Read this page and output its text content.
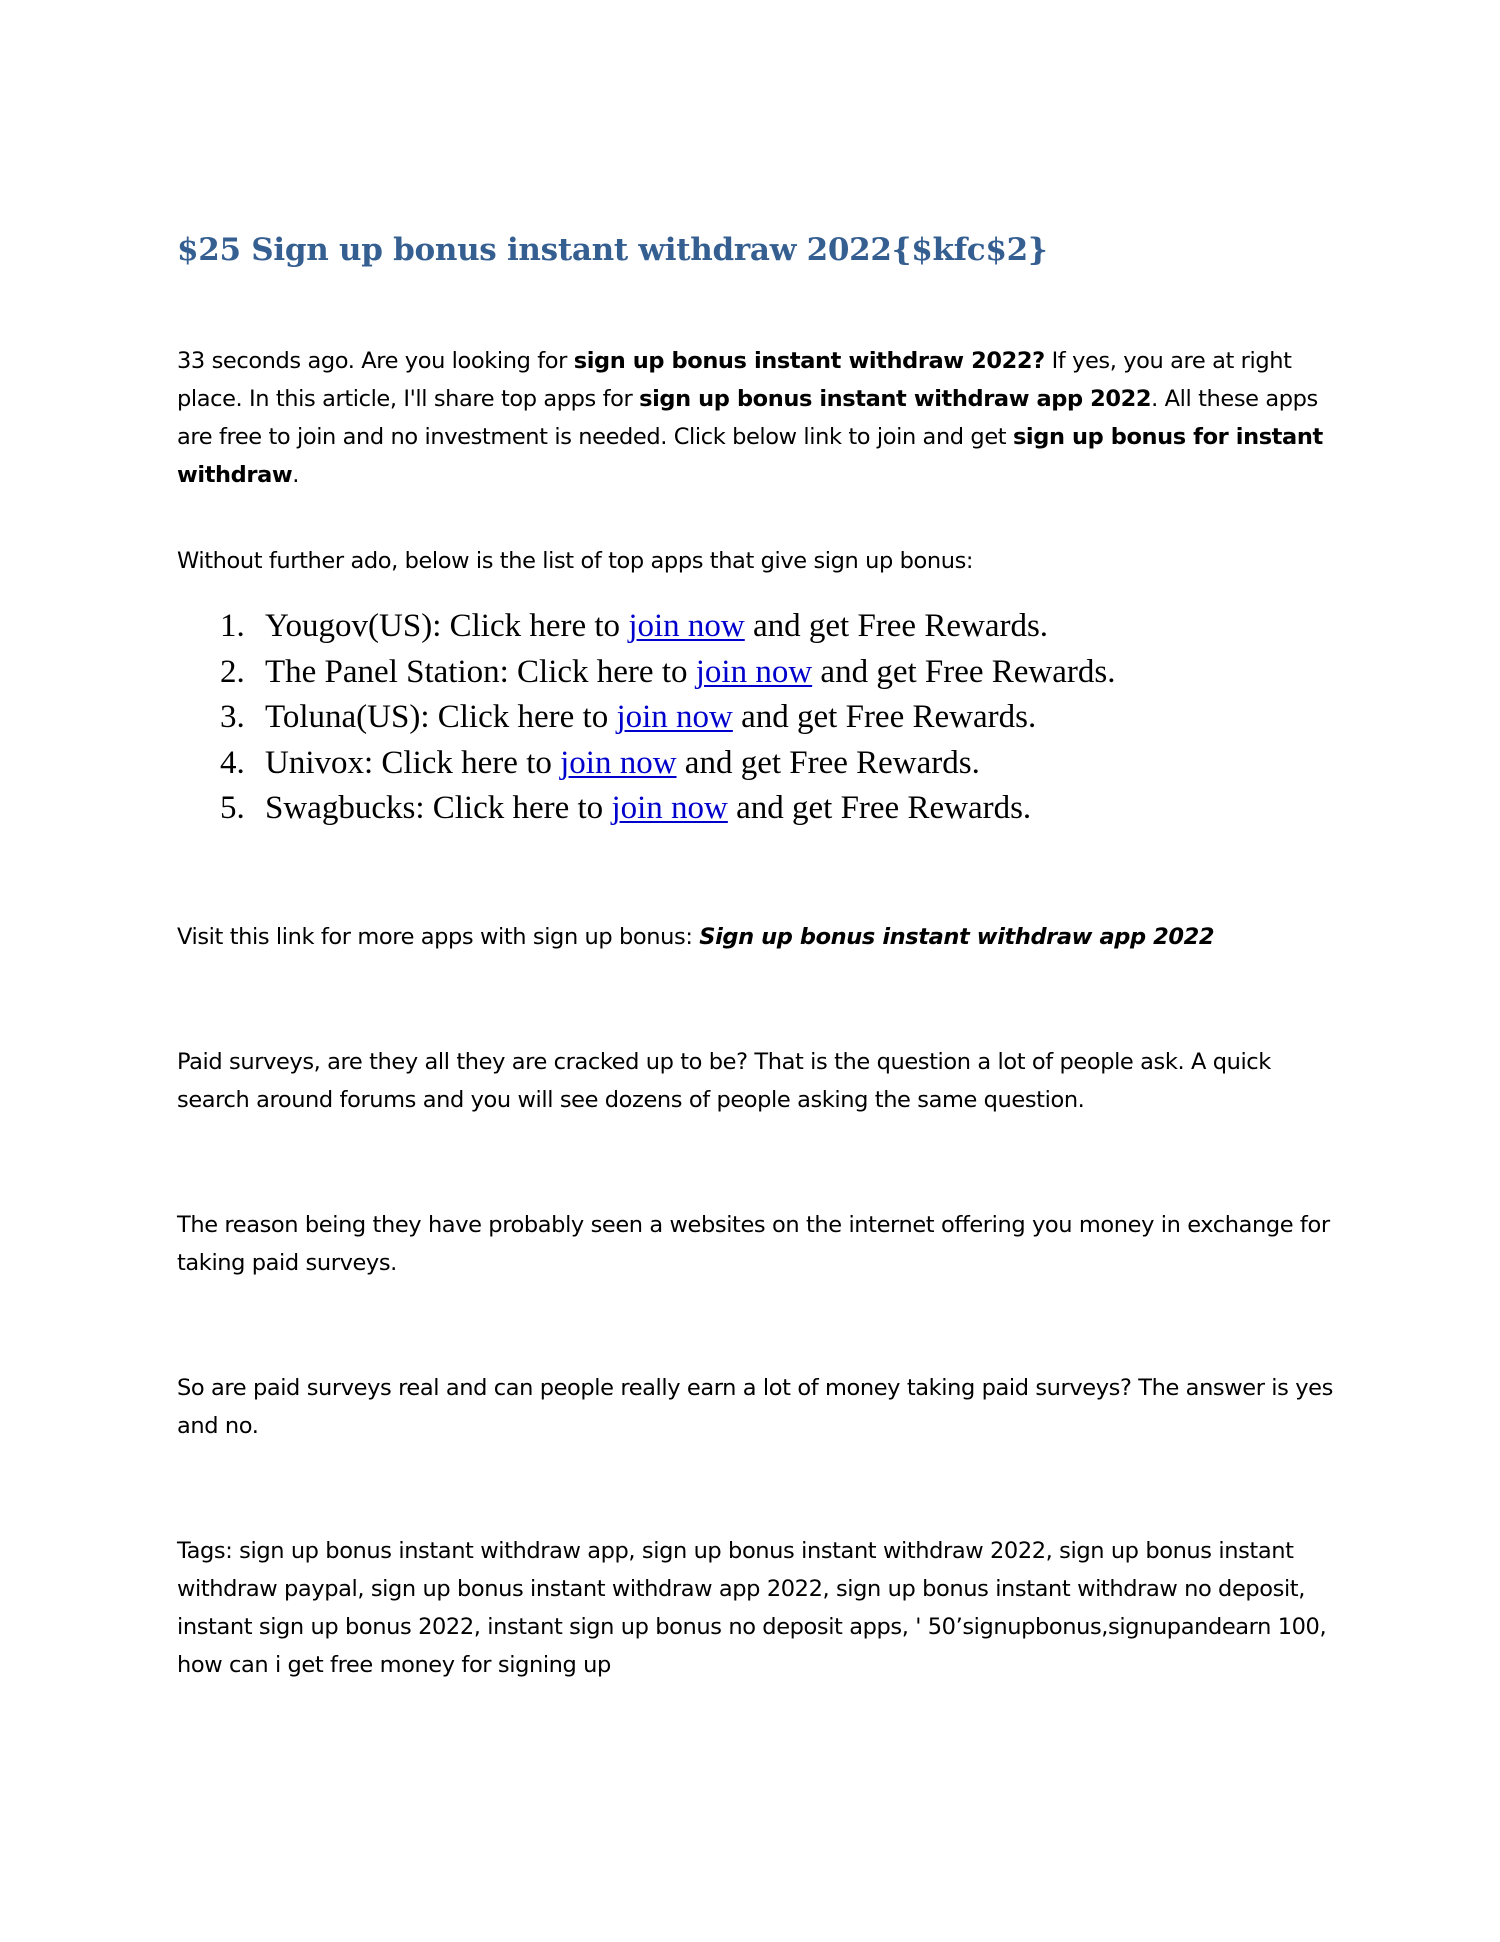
$25 Sign up bonus instant withdraw 2022{$kfc$2}

33 seconds ago. Are you looking for sign up bonus instant withdraw 2022? If yes, you are at right place. In this article, I'll share top apps for sign up bonus instant withdraw app 2022. All these apps are free to join and no investment is needed. Click below link to join and get sign up bonus for instant withdraw.

Without further ado, below is the list of top apps that give sign up bonus:

1. Yougov(US): Click here to join now and get Free Rewards.
2. The Panel Station: Click here to join now and get Free Rewards.
3. Toluna(US): Click here to join now and get Free Rewards.
4. Univox: Click here to join now and get Free Rewards.
5. Swagbucks: Click here to join now and get Free Rewards.

Visit this link for more apps with sign up bonus: Sign up bonus instant withdraw app 2022

Paid surveys, are they all they are cracked up to be? That is the question a lot of people ask. A quick search around forums and you will see dozens of people asking the same question.

The reason being they have probably seen a websites on the internet offering you money in exchange for taking paid surveys.

So are paid surveys real and can people really earn a lot of money taking paid surveys? The answer is yes and no.

Tags: sign up bonus instant withdraw app, sign up bonus instant withdraw 2022, sign up bonus instant withdraw paypal, sign up bonus instant withdraw app 2022, sign up bonus instant withdraw no deposit, instant sign up bonus 2022, instant sign up bonus no deposit apps, ' 50’signupbonus,signupandearn 100, how can i get free money for signing up
